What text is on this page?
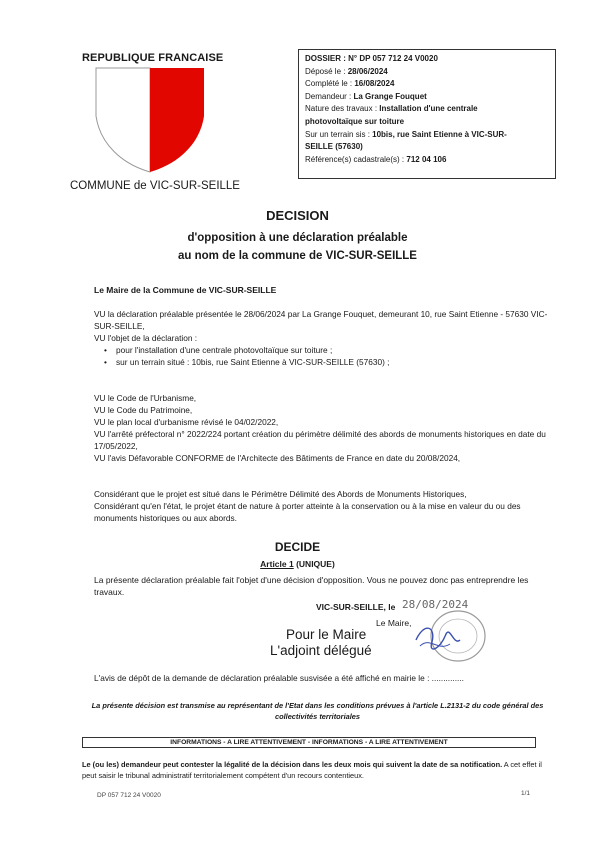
REPUBLIQUE FRANCAISE
COMMUNE de VIC-SUR-SEILLE
DOSSIER : N° DP 057 712 24 V0020
Déposé le : 28/06/2024
Complété le : 16/08/2024
Demandeur : La Grange Fouquet
Nature des travaux : Installation d'une centrale
photovoltaïque sur toiture
Sur un terrain sis : 10bis, rue Saint Etienne à VIC-SUR-
SEILLE (57630)
Référence(s) cadastrale(s) : 712 04 106
DECISION
d'opposition à une déclaration préalable
au nom de la commune de VIC-SUR-SEILLE
Le Maire de la Commune de VIC-SUR-SEILLE
VU la déclaration préalable présentée le 28/06/2024 par La Grange Fouquet, demeurant 10, rue Saint Etienne - 57630 VIC-SUR-SEILLE,
VU l'objet de la déclaration :
• pour l'installation d'une centrale photovoltaïque sur toiture ;
• sur un terrain situé : 10bis, rue Saint Etienne à VIC-SUR-SEILLE (57630) ;
VU le Code de l'Urbanisme,
VU le Code du Patrimoine,
VU le plan local d'urbanisme révisé le 04/02/2022,
VU l'arrêté préfectoral n° 2022/224 portant création du périmètre délimité des abords de monuments historiques en date du 17/05/2022,
VU l'avis Défavorable CONFORME de l'Architecte des Bâtiments de France en date du 20/08/2024,
Considérant que le projet est situé dans le Périmètre Délimité des Abords de Monuments Historiques,
Considérant qu'en l'état, le projet étant de nature à porter atteinte à la conservation ou à la mise en valeur du ou des monuments historiques ou aux abords.
DECIDE
Article 1 (UNIQUE)
La présente déclaration préalable fait l'objet d'une décision d'opposition. Vous ne pouvez donc pas entreprendre les travaux.
VIC-SUR-SEILLE, le 28/08/2024
Le Maire,
Pour le Maire
L'adjoint délégué
L'avis de dépôt de la demande de déclaration préalable susvisée a été affiché en mairie le : ..............
La présente décision est transmise au représentant de l'Etat dans les conditions prévues à l'article L.2131-2 du code général des collectivités territoriales
INFORMATIONS - A LIRE ATTENTIVEMENT - INFORMATIONS - A LIRE ATTENTIVEMENT
Le (ou les) demandeur peut contester la légalité de la décision dans les deux mois qui suivent la date de sa notification. A cet effet il peut saisir le tribunal administratif territorialement compétent d'un recours contentieux.
DP 057 712 24 V0020	1/1
